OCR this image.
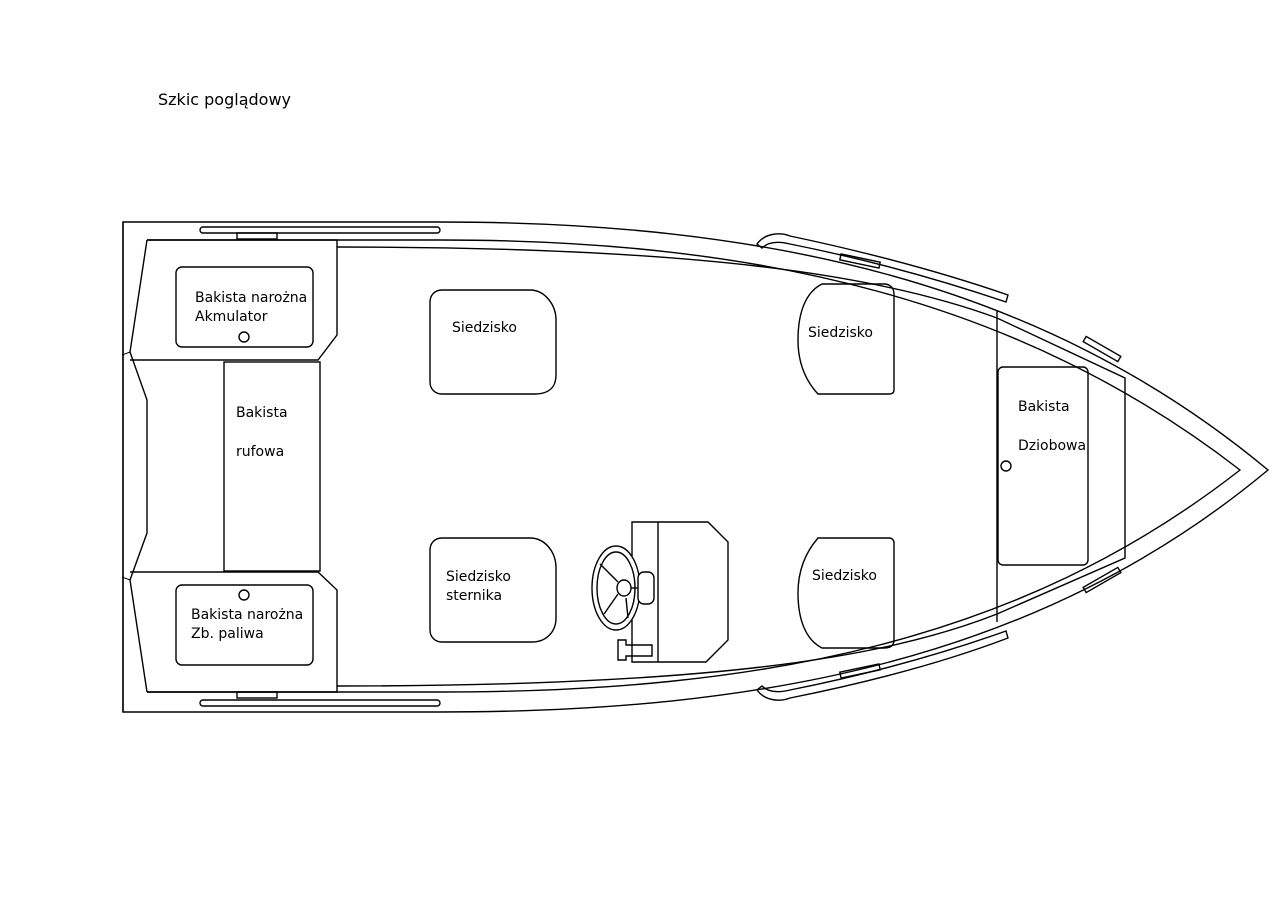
Szkic poglądowy
Bakista narożna
Akmulator
Bakista narożna
Zb. paliwa
Bakista
rufowa
Siedzisko
Siedzisko
sternika
Siedzisko
Siedzisko
Bakista
Dziobowa
